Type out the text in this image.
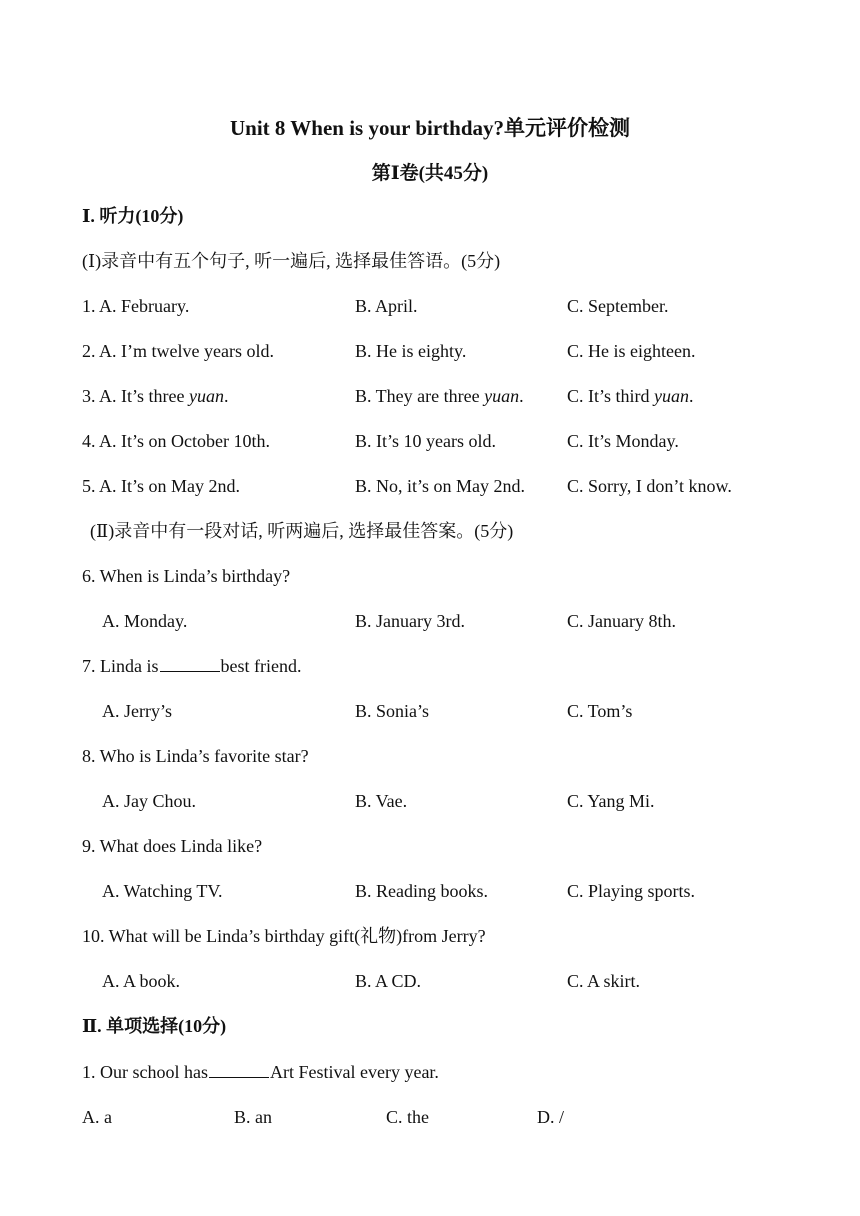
Unit 8 When is your birthday?单元评价检测
第Ⅰ卷(共45分)
Ⅰ. 听力(10分)
(Ⅰ)录音中有五个句子, 听一遍后, 选择最佳答语。(5分)
1. A. February.	B. April.	C. September.
2. A. I’m twelve years old.	B. He is eighty.	C. He is eighteen.
3. A. It’s three yuan.	B. They are three yuan. C. It’s third yuan.
4. A. It’s on October 10th.	B. It’s 10 years old.	C. It’s Monday.
5. A. It’s on May 2nd.	B. No, it’s on May 2nd. C. Sorry, I don’t know.
(Ⅱ)录音中有一段对话, 听两遍后, 选择最佳答案。(5分)
6. When is Linda’s birthday?
A. Monday.	B. January 3rd.	C. January 8th.
7. Linda is	best friend.
A. Jerry’s	B. Sonia’s	C. Tom’s
8. Who is Linda’s favorite star?
A. Jay Chou.	B. Vae.	C. Yang Mi.
9. What does Linda like?
A. Watching TV.	B. Reading books.	C. Playing sports.
10. What will be Linda’s birthday gift(礼物)from Jerry?
A. A book.	B. A CD.	C. A skirt.
Ⅱ. 单项选择(10分)
1. Our school has	Art Festival every year.
A. a	B. an	C. the	D. /
